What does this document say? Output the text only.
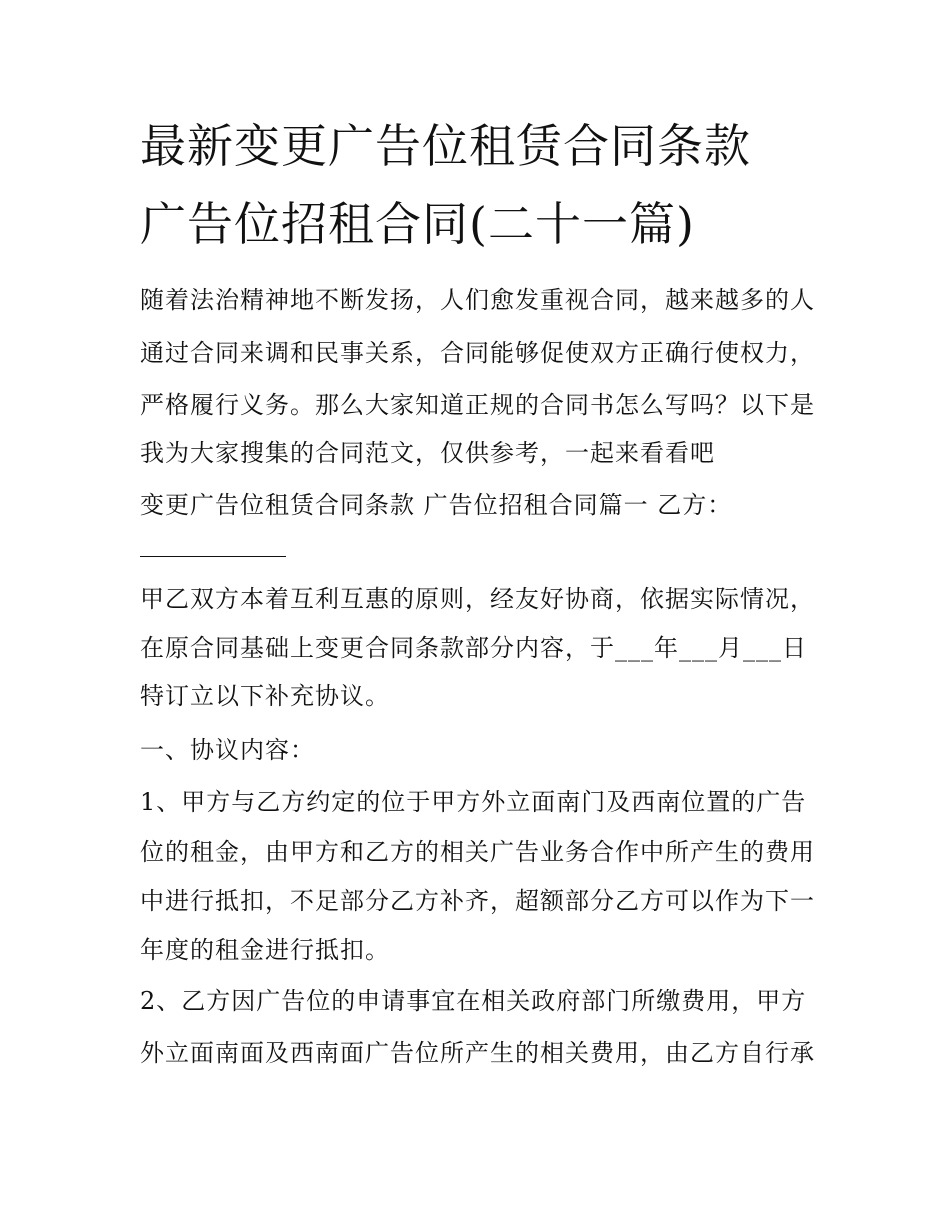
最新变更广告位租赁合同条款
广告位招租合同(二十一篇)

随着法治精神地不断发扬，人们愈发重视合同，越来越多的人

通过合同来调和民事关系，合同能够促使双方正确行使权力，

严格履行义务。那么大家知道正规的合同书怎么写吗？以下是

我为大家搜集的合同范文，仅供参考，一起来看看吧

变更广告位租赁合同条款 广告位招租合同篇一 乙方：

甲乙双方本着互利互惠的原则，经友好协商，依据实际情况，

在原合同基础上变更合同条款部分内容，于___年___月___日

特订立以下补充协议。

一、协议内容：

1、甲方与乙方约定的位于甲方外立面南门及西南位置的广告

位的租金，由甲方和乙方的相关广告业务合作中所产生的费用

中进行抵扣，不足部分乙方补齐，超额部分乙方可以作为下一

年度的租金进行抵扣。

2、乙方因广告位的申请事宜在相关政府部门所缴费用，甲方

外立面南面及西南面广告位所产生的相关费用，由乙方自行承
